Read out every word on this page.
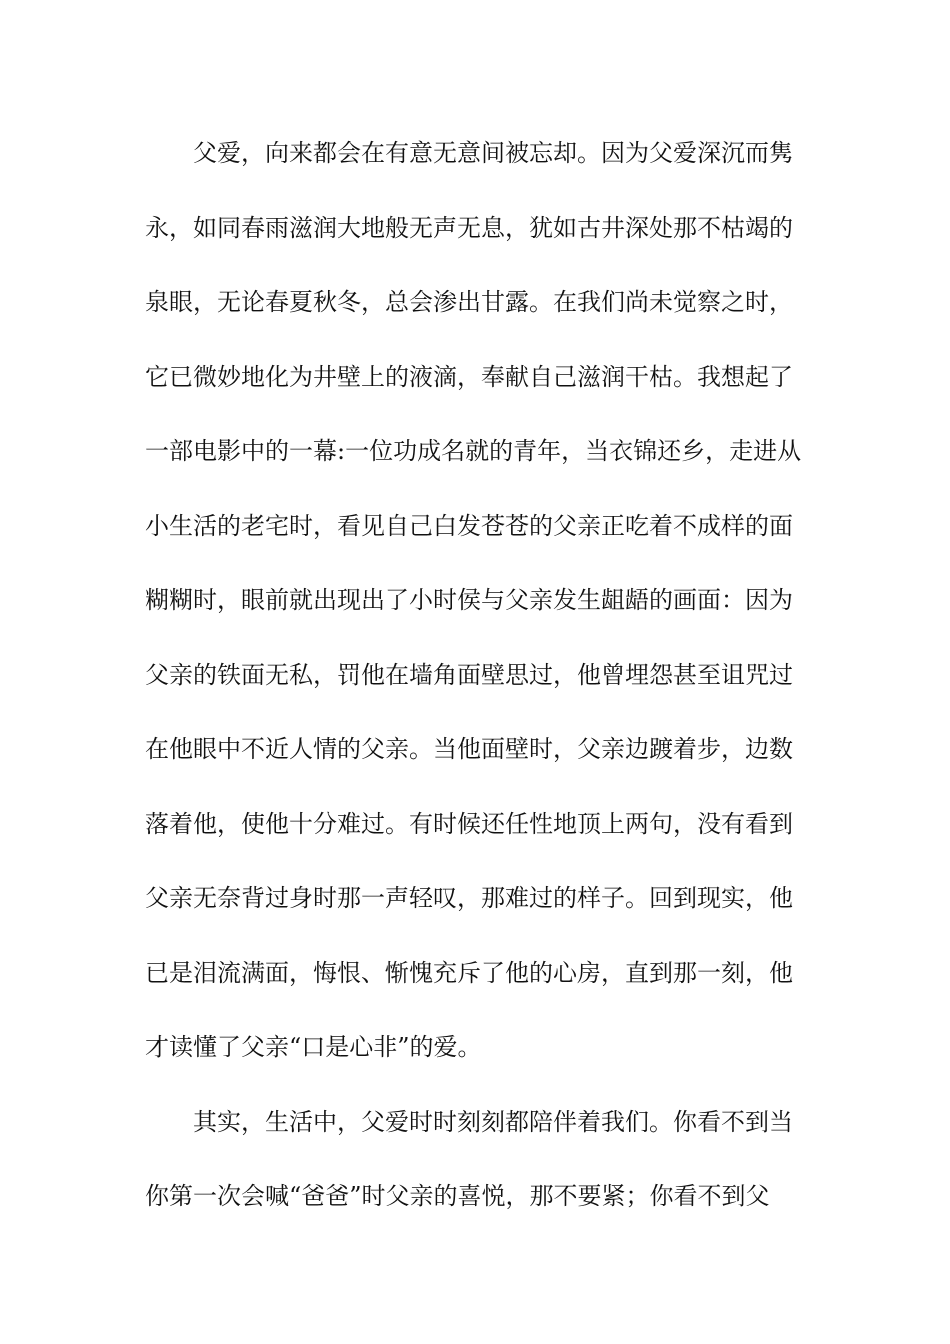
父爱，向来都会在有意无意间被忘却。因为父爱深沉而隽
永，如同春雨滋润大地般无声无息，犹如古井深处那不枯竭的
泉眼，无论春夏秋冬，总会渗出甘露。在我们尚未觉察之时，
它已微妙地化为井壁上的液滴，奉献自己滋润干枯。我想起了
一部电影中的一幕:一位功成名就的青年，当衣锦还乡，走进从
小生活的老宅时，看见自己白发苍苍的父亲正吃着不成样的面
糊糊时，眼前就出现出了小时侯与父亲发生龃龉的画面：因为
父亲的铁面无私，罚他在墙角面壁思过，他曾埋怨甚至诅咒过
在他眼中不近人情的父亲。当他面壁时，父亲边踱着步，边数
落着他，使他十分难过。有时候还任性地顶上两句，没有看到
父亲无奈背过身时那一声轻叹，那难过的样子。回到现实，他
已是泪流满面，悔恨、惭愧充斥了他的心房，直到那一刻，他
才读懂了父亲“口是心非”的爱。
其实，生活中，父爱时时刻刻都陪伴着我们。你看不到当
你第一次会喊“爸爸”时父亲的喜悦，那不要紧；你看不到父
